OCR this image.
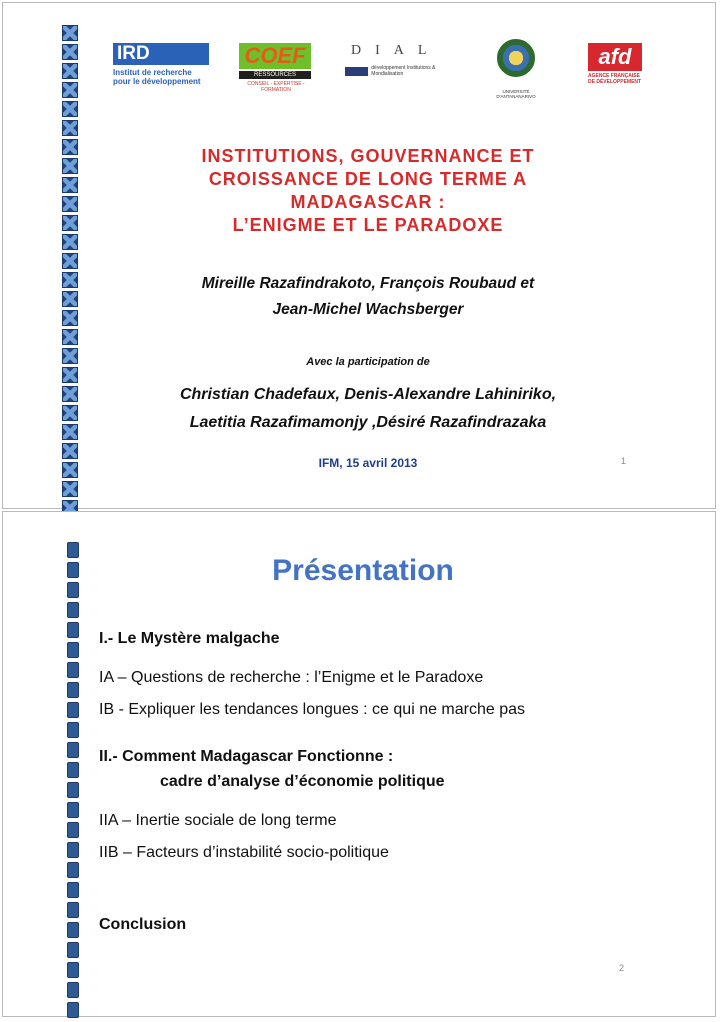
IRD
Institut de recherche
pour le développement
COEF
RESSOURCES
CONSEIL - EXPERTISE - FORMATION
DIAL
développement Institutions & Mondialisation
UNIVERSITÉ D'ANTANANARIVO
afd
AGENCE FRANÇAISE
DE DÉVELOPPEMENT
INSTITUTIONS, GOUVERNANCE ET
CROISSANCE DE LONG TERME A
MADAGASCAR :
L’ENIGME ET LE PARADOXE
Mireille Razafindrakoto, François Roubaud et
Jean-Michel Wachsberger
Avec la participation de
Christian Chadefaux, Denis-Alexandre Lahiniriko,
Laetitia Razafimamonjy ,Désiré Razafindrazaka
IFM, 15 avril 2013	1
Présentation
I.- Le Mystère malgache
IA – Questions de recherche : l’Enigme et le Paradoxe
IB - Expliquer les tendances longues : ce qui ne marche pas
II.- Comment Madagascar Fonctionne :
cadre d’analyse d’économie politique
IIA – Inertie sociale de long terme
IIB – Facteurs d’instabilité socio-politique
Conclusion
2
